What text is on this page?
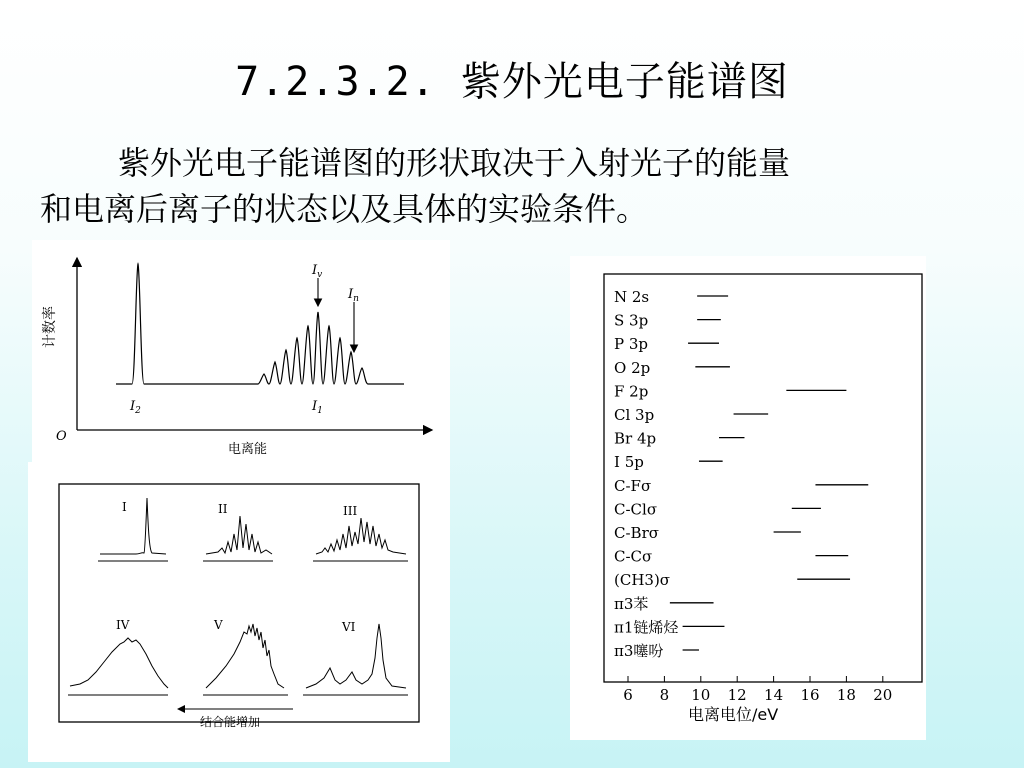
7.2.3.2. 紫外光电子能谱图
紫外光电子能谱图的形状取决于入射光子的能量
和电离后离子的状态以及具体的实验条件。
计数率
O
电离能
$I_v$
$I_n$
$I_2$	$I_1$
I	II	III
IV	V	VI
结合能增加
N 2s
S 3p
P 3p
O 2p
F 2p
Cl 3p
Br 4p
I 5p
C-Fσ
C-Clσ
C-Brσ
C-Cσ
(CH3)σ
π3苯
π1链烯烃
π3噻吩
6 8 10 12 14 16 18 20
电离电位/eV
